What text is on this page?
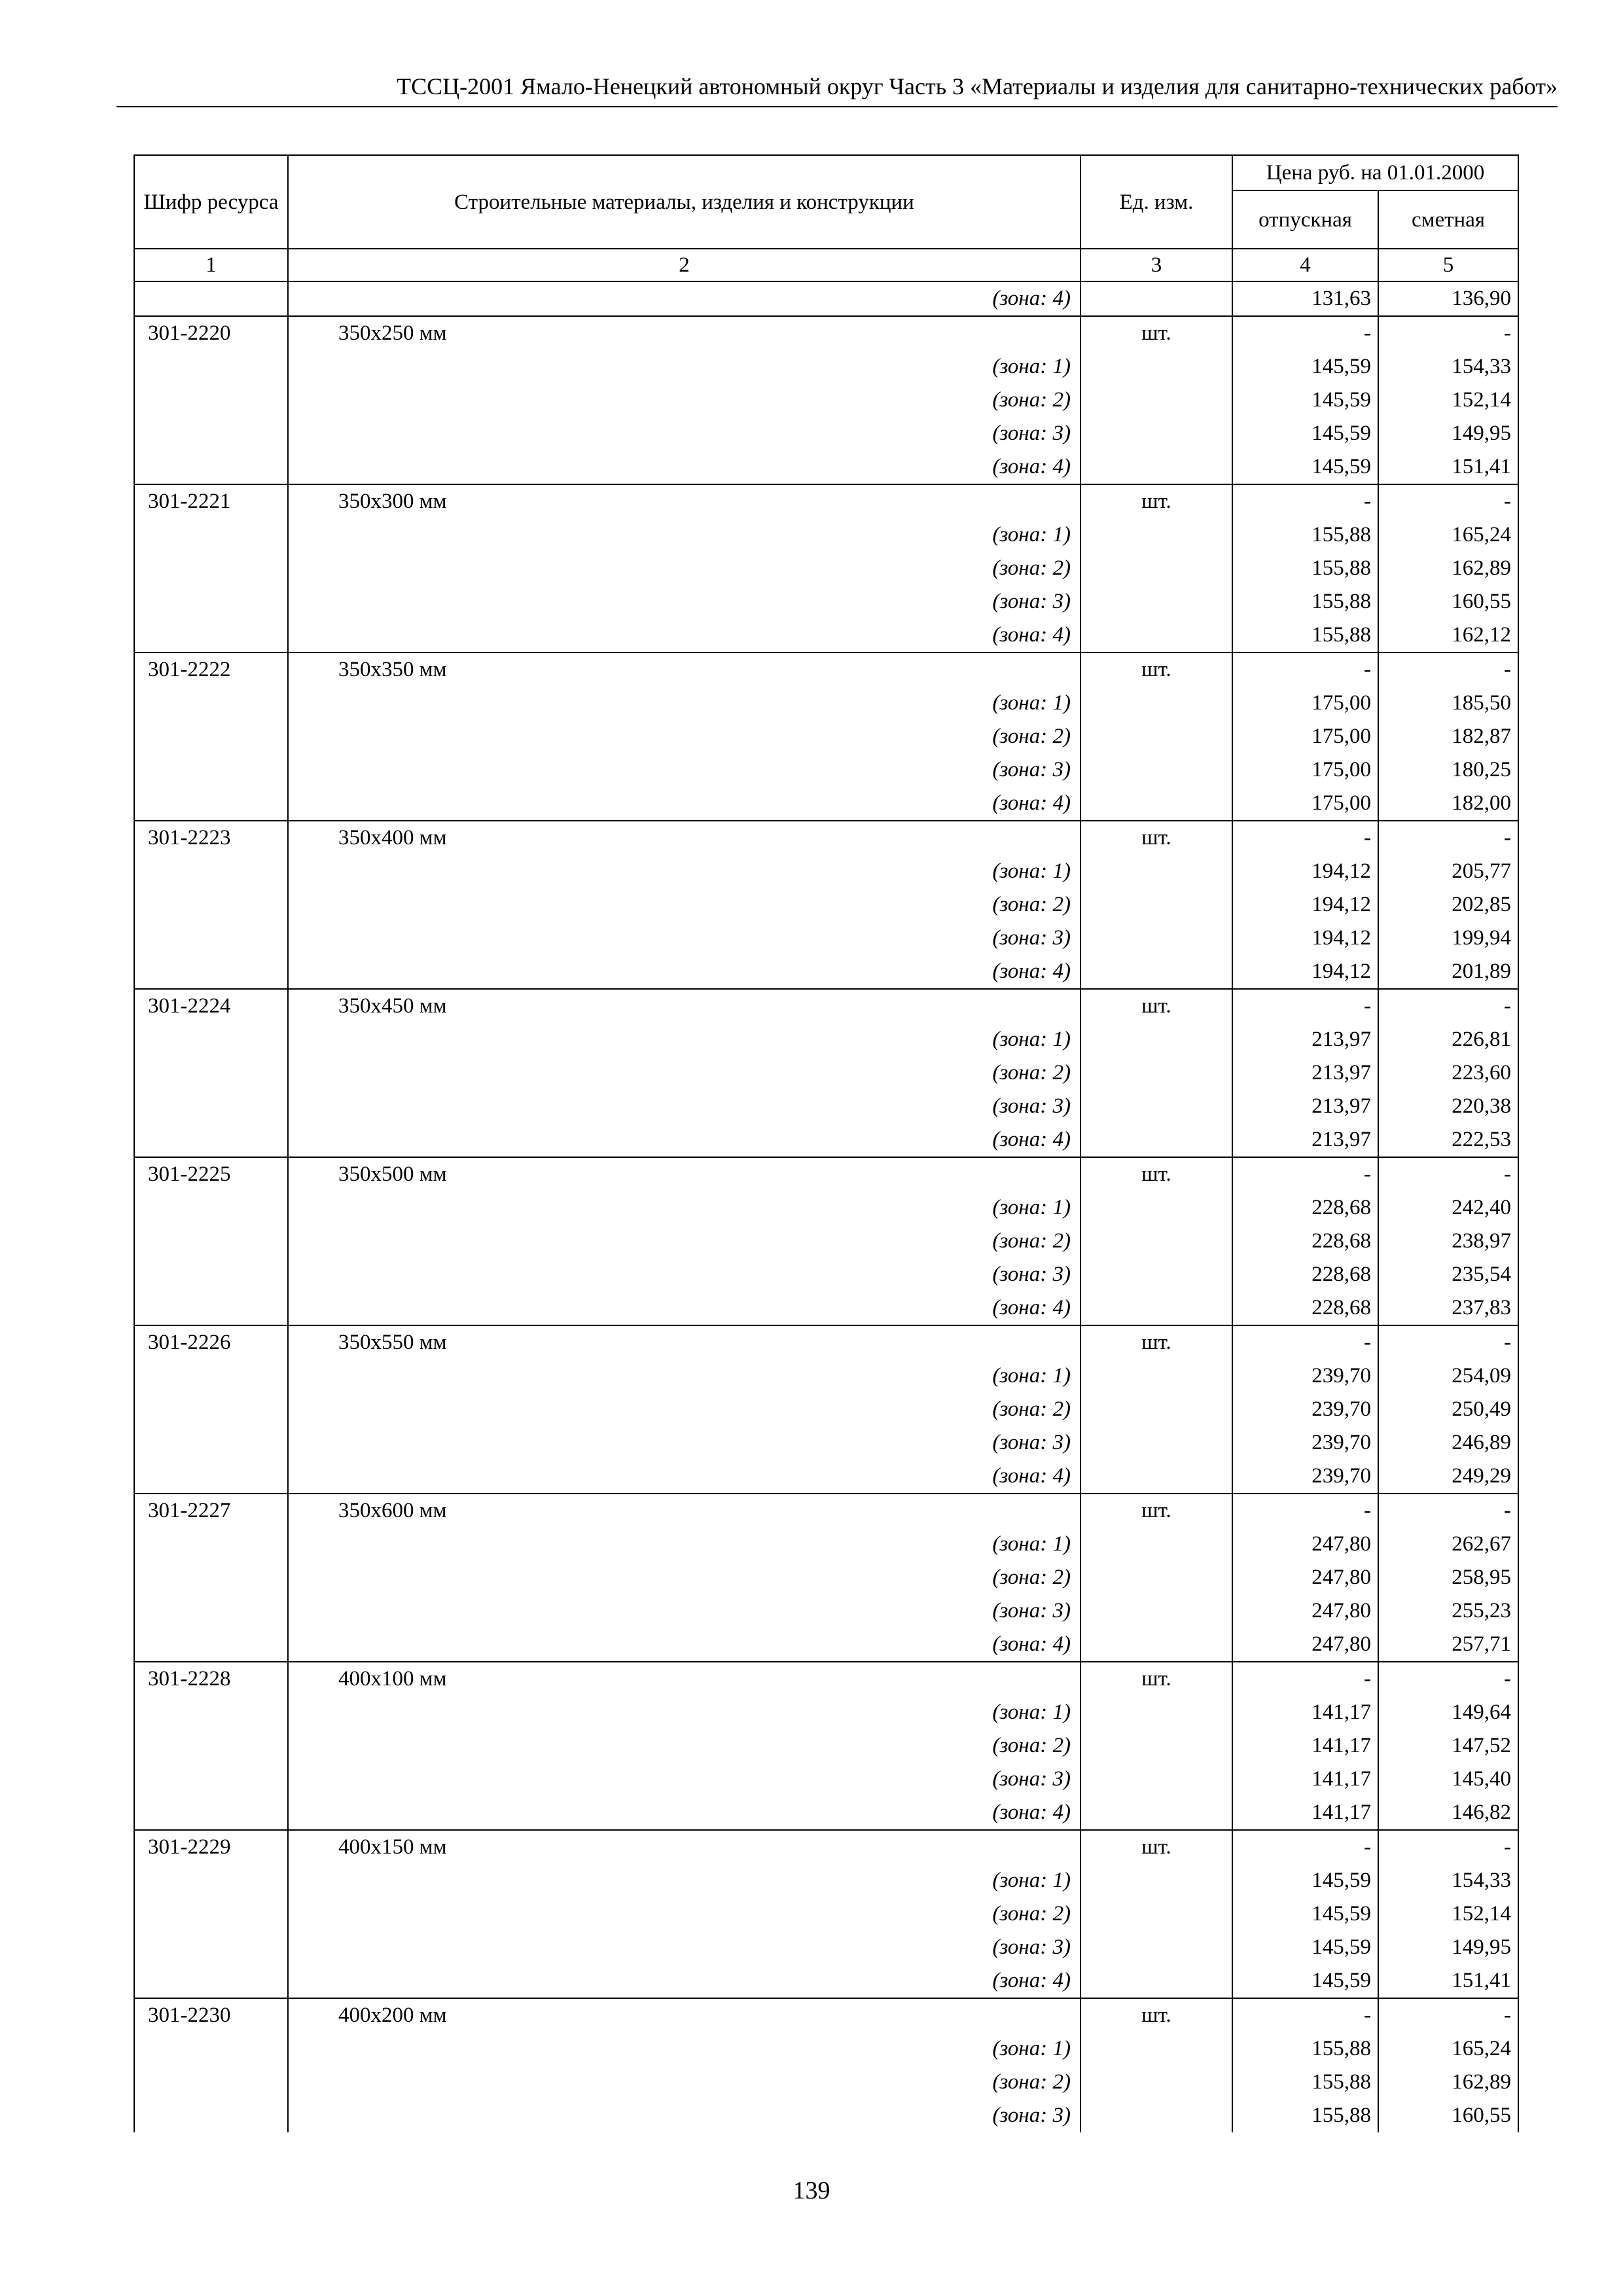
ТССЦ-2001 Ямало-Ненецкий автономный округ Часть 3 «Материалы и изделия для санитарно-технических работ»
Шифр ресурса	Строительные материалы, изделия и конструкции	Ед. изм.	Цена руб. на 01.01.2000	
			отпускная	сметная
1	2	3	4	5
	(зона: 4)		131,63	136,90
301-2220	350x250 мм	шт.	-	-
	(зона: 1)		145,59	154,33
	(зона: 2)		145,59	152,14
	(зона: 3)		145,59	149,95
	(зона: 4)		145,59	151,41
301-2221	350x300 мм	шт.	-	-
	(зона: 1)		155,88	165,24
	(зона: 2)		155,88	162,89
	(зона: 3)		155,88	160,55
	(зона: 4)		155,88	162,12
301-2222	350x350 мм	шт.	-	-
	(зона: 1)		175,00	185,50
	(зона: 2)		175,00	182,87
	(зона: 3)		175,00	180,25
	(зона: 4)		175,00	182,00
301-2223	350x400 мм	шт.	-	-
	(зона: 1)		194,12	205,77
	(зона: 2)		194,12	202,85
	(зона: 3)		194,12	199,94
	(зона: 4)		194,12	201,89
301-2224	350x450 мм	шт.	-	-
	(зона: 1)		213,97	226,81
	(зона: 2)		213,97	223,60
	(зона: 3)		213,97	220,38
	(зона: 4)		213,97	222,53
301-2225	350x500 мм	шт.	-	-
	(зона: 1)		228,68	242,40
	(зона: 2)		228,68	238,97
	(зона: 3)		228,68	235,54
	(зона: 4)		228,68	237,83
301-2226	350x550 мм	шт.	-	-
	(зона: 1)		239,70	254,09
	(зона: 2)		239,70	250,49
	(зона: 3)		239,70	246,89
	(зона: 4)		239,70	249,29
301-2227	350x600 мм	шт.	-	-
	(зона: 1)		247,80	262,67
	(зона: 2)		247,80	258,95
	(зона: 3)		247,80	255,23
	(зона: 4)		247,80	257,71
301-2228	400x100 мм	шт.	-	-
	(зона: 1)		141,17	149,64
	(зона: 2)		141,17	147,52
	(зона: 3)		141,17	145,40
	(зона: 4)		141,17	146,82
301-2229	400x150 мм	шт.	-	-
	(зона: 1)		145,59	154,33
	(зона: 2)		145,59	152,14
	(зона: 3)		145,59	149,95
	(зона: 4)		145,59	151,41
301-2230	400x200 мм	шт.	-	-
	(зона: 1)		155,88	165,24
	(зона: 2)		155,88	162,89
	(зона: 3)		155,88	160,55
139
